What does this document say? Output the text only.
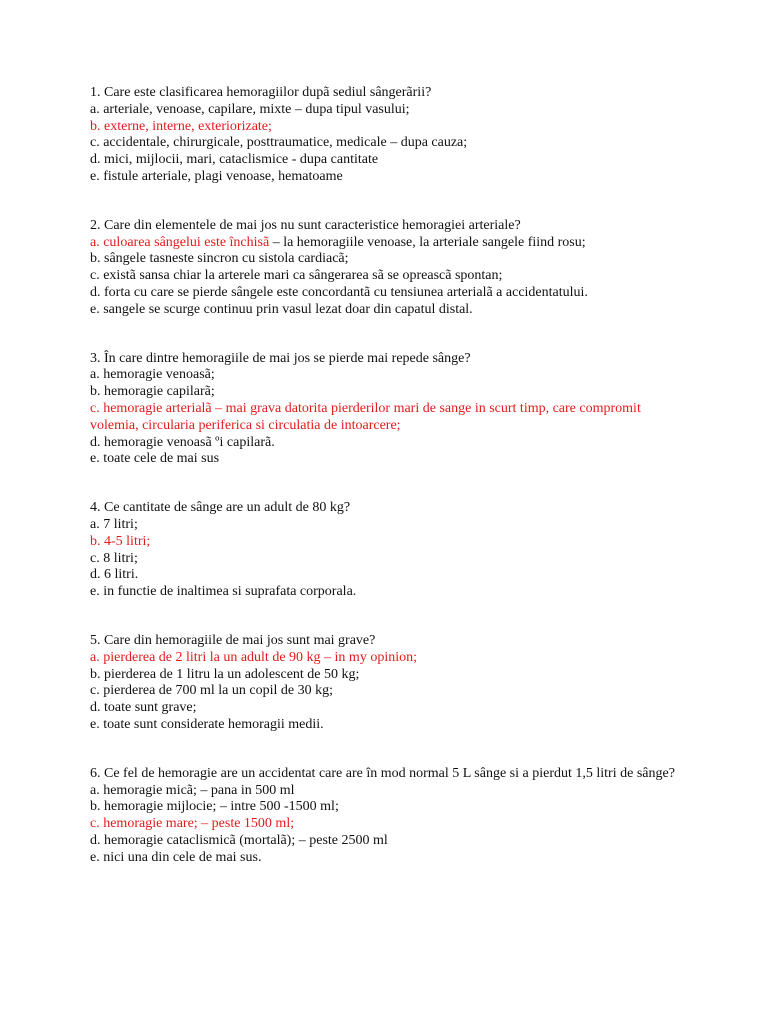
1. Care este clasificarea hemoragiilor dupã sediul sângerãrii?

a. arteriale, venoase, capilare, mixte – dupa tipul vasului;

b. externe, interne, exteriorizate;

c. accidentale, chirurgicale, posttraumatice, medicale – dupa cauza;

d. mici, mijlocii, mari, cataclismice - dupa cantitate

e. fistule arteriale, plagi venoase, hematoame

2. Care din elementele de mai jos nu sunt caracteristice hemoragiei arteriale?

a. culoarea sângelui este închisã – la hemoragiile venoase, la arteriale sangele fiind rosu;

b. sângele tasneste sincron cu sistola cardiacã;

c. existã sansa chiar la arterele mari ca sângerarea sã se opreascã spontan;

d. forta cu care se pierde sângele este concordantã cu tensiunea arterialã a accidentatului.

e. sangele se scurge continuu prin vasul lezat doar din capatul distal.

3. În care dintre hemoragiile de mai jos se pierde mai repede sânge?

a. hemoragie venoasã;

b. hemoragie capilarã;

c. hemoragie arterialã – mai grava datorita pierderilor mari de sange in scurt timp, care compromit volemia, circularia periferica si circulatia de intoarcere;

d. hemoragie venoasã ºi capilarã.

e. toate cele de mai sus

4. Ce cantitate de sânge are un adult de 80 kg?

a. 7 litri;

b. 4-5 litri;

c. 8 litri;

d. 6 litri.

e. in functie de inaltimea si suprafata corporala.

5. Care din hemoragiile de mai jos sunt mai grave?

a. pierderea de 2 litri la un adult de 90 kg – in my opinion;

b. pierderea de 1 litru la un adolescent de 50 kg;

c. pierderea de 700 ml la un copil de 30 kg;

d. toate sunt grave;

e. toate sunt considerate hemoragii medii.

6. Ce fel de hemoragie are un accidentat care are în mod normal 5 L sânge si a pierdut 1,5 litri de sânge?

a. hemoragie micã; – pana in 500 ml

b. hemoragie mijlocie; – intre 500 -1500 ml;

c. hemoragie mare; – peste 1500 ml;

d. hemoragie cataclismicã (mortalã); – peste 2500 ml

e. nici una din cele de mai sus.
